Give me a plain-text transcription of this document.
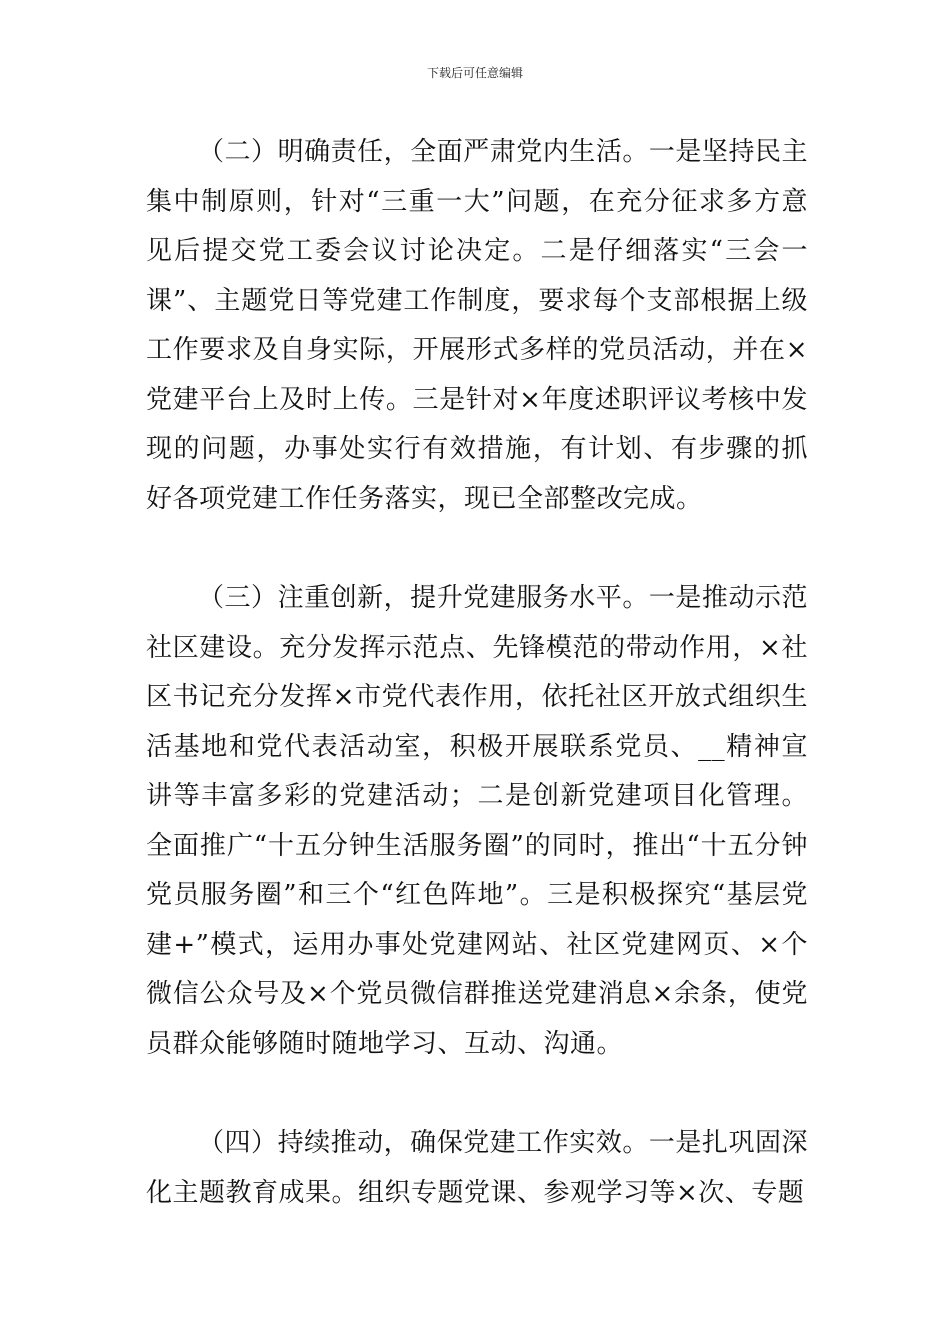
下载后可任意编辑

（二）明确责任，全面严肃党内生活。一是坚持民主集中制原则，针对“三重一大”问题，在充分征求多方意见后提交党工委会议讨论决定。二是仔细落实“三会一课”、主题党日等党建工作制度，要求每个支部根据上级工作要求及自身实际，开展形式多样的党员活动，并在×党建平台上及时上传。三是针对×年度述职评议考核中发现的问题，办事处实行有效措施，有计划、有步骤的抓好各项党建工作任务落实，现已全部整改完成。

（三）注重创新，提升党建服务水平。一是推动示范社区建设。充分发挥示范点、先锋模范的带动作用，×社区书记充分发挥×市党代表作用，依托社区开放式组织生活基地和党代表活动室，积极开展联系党员、__精神宣讲等丰富多彩的党建活动；二是创新党建项目化管理。全面推广“十五分钟生活服务圈”的同时，推出“十五分钟党员服务圈”和三个“红色阵地”。三是积极探究“基层党建+”模式，运用办事处党建网站、社区党建网页、×个微信公众号及×个党员微信群推送党建消息×余条，使党员群众能够随时随地学习、互动、沟通。

（四）持续推动，确保党建工作实效。一是扎巩固深化主题教育成果。组织专题党课、参观学习等×次、专题
